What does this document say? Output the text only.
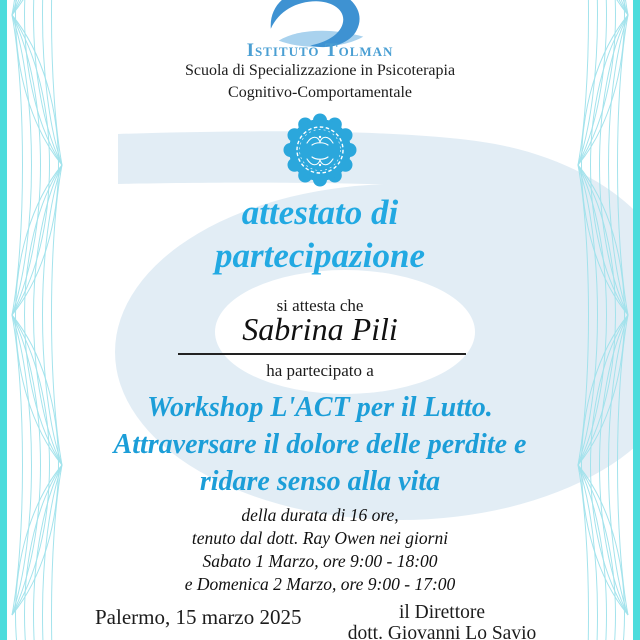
Istituto Tolman
Scuola di Specializzazione in Psicoterapia
Cognitivo-Comportamentale
attestato di
partecipazione
si attesta che
Sabrina Pili
ha partecipato a
Workshop L'ACT per il Lutto.
Attraversare il dolore delle perdite e
ridare senso alla vita
della durata di 16 ore,
tenuto dal dott. Ray Owen nei giorni
Sabato 1 Marzo, ore 9:00 - 18:00
e Domenica 2 Marzo, ore 9:00 - 17:00
Palermo, 15 marzo 2025	il Direttore
dott. Giovanni Lo Savio
